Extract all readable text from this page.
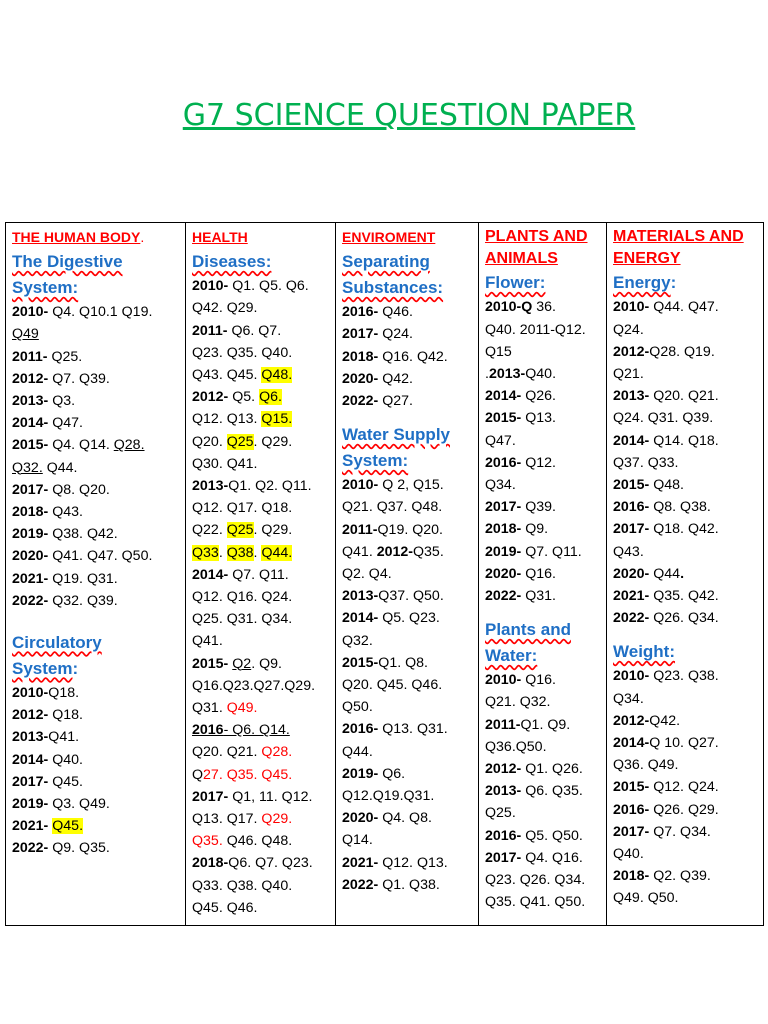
G7 SCIENCE QUESTION PAPER
THE HUMAN BODY.
The Digestive
System:
2010- Q4. Q10.1 Q19.
Q49
2011- Q25.
2012- Q7. Q39.
2013- Q3.
2014- Q47.
2015- Q4. Q14. Q28.
Q32. Q44.
2017- Q8. Q20.
2018- Q43.
2019- Q38. Q42.
2020- Q41. Q47. Q50.
2021- Q19. Q31.
2022- Q32. Q39.
Circulatory
System:
2010-Q18.
2012- Q18.
2013-Q41.
2014- Q40.
2017- Q45.
2019- Q3. Q49.
2021- Q45.
2022- Q9. Q35.

HEALTH
Diseases:
2010- Q1. Q5. Q6.
Q42. Q29.
2011- Q6. Q7.
Q23. Q35. Q40.
Q43. Q45. Q48.
2012- Q5. Q6.
Q12. Q13. Q15.
Q20. Q25. Q29.
Q30. Q41.
2013-Q1. Q2. Q11.
Q12. Q17. Q18.
Q22. Q25. Q29.
Q33. Q38. Q44.
2014- Q7. Q11.
Q12. Q16. Q24.
Q25. Q31. Q34.
Q41.
2015- Q2. Q9.
Q16.Q23.Q27.Q29.
Q31. Q49.
2016- Q6. Q14.
Q20. Q21. Q28.
Q27. Q35. Q45.
2017- Q1, 11. Q12.
Q13. Q17. Q29.
Q35. Q46. Q48.
2018-Q6. Q7. Q23.
Q33. Q38. Q40.
Q45. Q46.

ENVIROMENT
Separating
Substances:
2016- Q46.
2017- Q24.
2018- Q16. Q42.
2020- Q42.
2022- Q27.
Water Supply
System:
2010- Q 2, Q15.
Q21. Q37. Q48.
2011-Q19. Q20.
Q41. 2012-Q35.
Q2. Q4.
2013-Q37. Q50.
2014- Q5. Q23.
Q32.
2015-Q1. Q8.
Q20. Q45. Q46.
Q50.
2016- Q13. Q31.
Q44.
2019- Q6.
Q12.Q19.Q31.
2020- Q4. Q8.
Q14.
2021- Q12. Q13.
2022- Q1. Q38.

PLANTS AND
ANIMALS
Flower:
2010-Q 36.
Q40. 2011-Q12.
Q15
.2013-Q40.
2014- Q26.
2015- Q13.
Q47.
2016- Q12.
Q34.
2017- Q39.
2018- Q9.
2019- Q7. Q11.
2020- Q16.
2022- Q31.
Plants and
Water:
2010- Q16.
Q21. Q32.
2011-Q1. Q9.
Q36.Q50.
2012- Q1. Q26.
2013- Q6. Q35.
Q25.
2016- Q5. Q50.
2017- Q4. Q16.
Q23. Q26. Q34.
Q35. Q41. Q50.

MATERIALS AND
ENERGY
Energy:
2010- Q44. Q47.
Q24.
2012-Q28. Q19.
Q21.
2013- Q20. Q21.
Q24. Q31. Q39.
2014- Q14. Q18.
Q37. Q33.
2015- Q48.
2016- Q8. Q38.
2017- Q18. Q42.
Q43.
2020- Q44.
2021- Q35. Q42.
2022- Q26. Q34.
Weight:
2010- Q23. Q38.
Q34.
2012-Q42.
2014-Q 10. Q27.
Q36. Q49.
2015- Q12. Q24.
2016- Q26. Q29.
2017- Q7. Q34.
Q40.
2018- Q2. Q39.
Q49. Q50.
